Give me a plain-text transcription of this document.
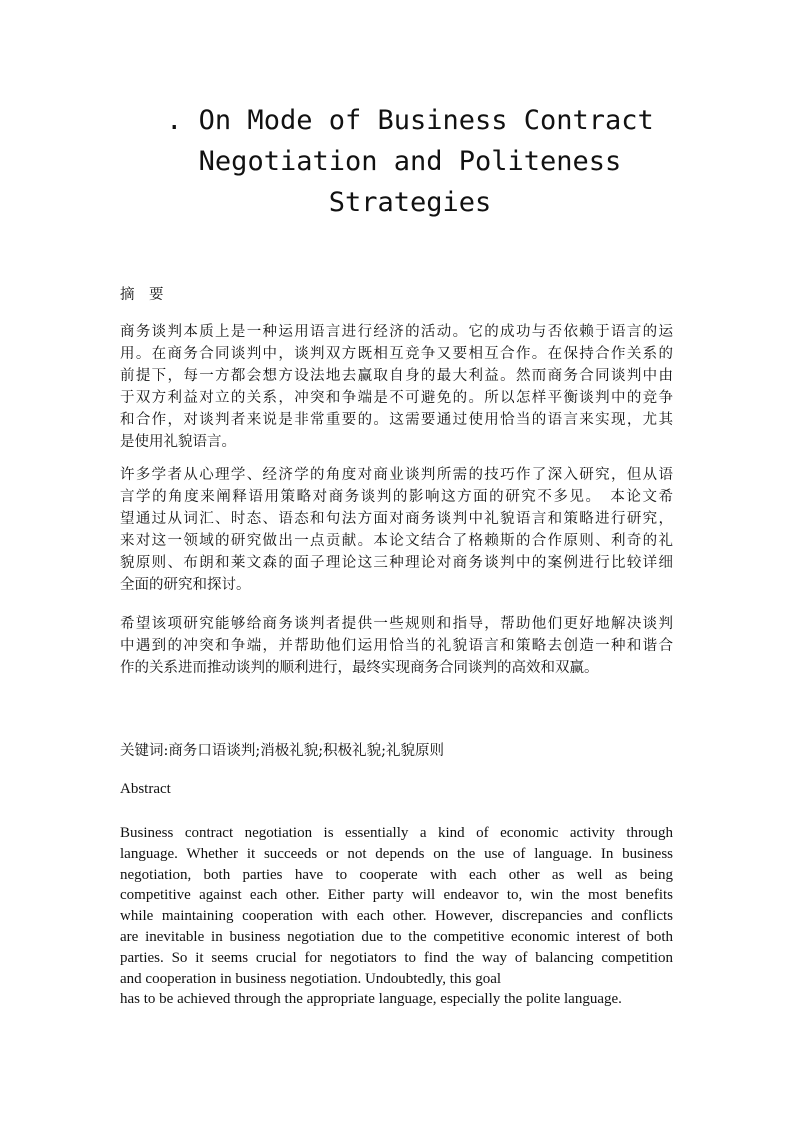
. On Mode of Business Contract
Negotiation and Politeness
Strategies
摘　要

商务谈判本质上是一种运用语言进行经济的活动。它的成功与否依赖于语言的运
用。在商务合同谈判中，谈判双方既相互竞争又要相互合作。在保持合作关系的
前提下，每一方都会想方设法地去赢取自身的最大利益。然而商务合同谈判中由
于双方利益对立的关系，冲突和争端是不可避免的。所以怎样平衡谈判中的竞争
和合作，对谈判者来说是非常重要的。这需要通过使用恰当的语言来实现，尤其
是使用礼貌语言。

许多学者从心理学、经济学的角度对商业谈判所需的技巧作了深入研究，但从语
言学的角度来阐释语用策略对商务谈判的影响这方面的研究不多见。　本论文希
望通过从词汇、时态、语态和句法方面对商务谈判中礼貌语言和策略进行研究，
来对这一领域的研究做出一点贡献。本论文结合了格赖斯的合作原则、利奇的礼
貌原则、布朗和莱文森的面子理论这三种理论对商务谈判中的案例进行比较详细
全面的研究和探讨。

希望该项研究能够给商务谈判者提供一些规则和指导，帮助他们更好地解决谈判
中遇到的冲突和争端，并帮助他们运用恰当的礼貌语言和策略去创造一种和谐合
作的关系进而推动谈判的顺利进行，最终实现商务合同谈判的高效和双赢。

关键词:商务口语谈判;消极礼貌;积极礼貌;礼貌原则

Abstract

Business contract negotiation is essentially a kind of economic activity through
language. Whether it succeeds or not depends on the use of language. In business
negotiation, both parties have to cooperate with each other as well as being
competitive against each other. Either party will endeavor to, win the most benefits
while maintaining cooperation with each other. However, discrepancies and conflicts
are inevitable in business negotiation due to the competitive economic interest of both
parties. So it seems crucial for negotiators to find the way of balancing competition
and cooperation in business negotiation. Undoubtedly, this goal
has to be achieved through the appropriate language, especially the polite language.
